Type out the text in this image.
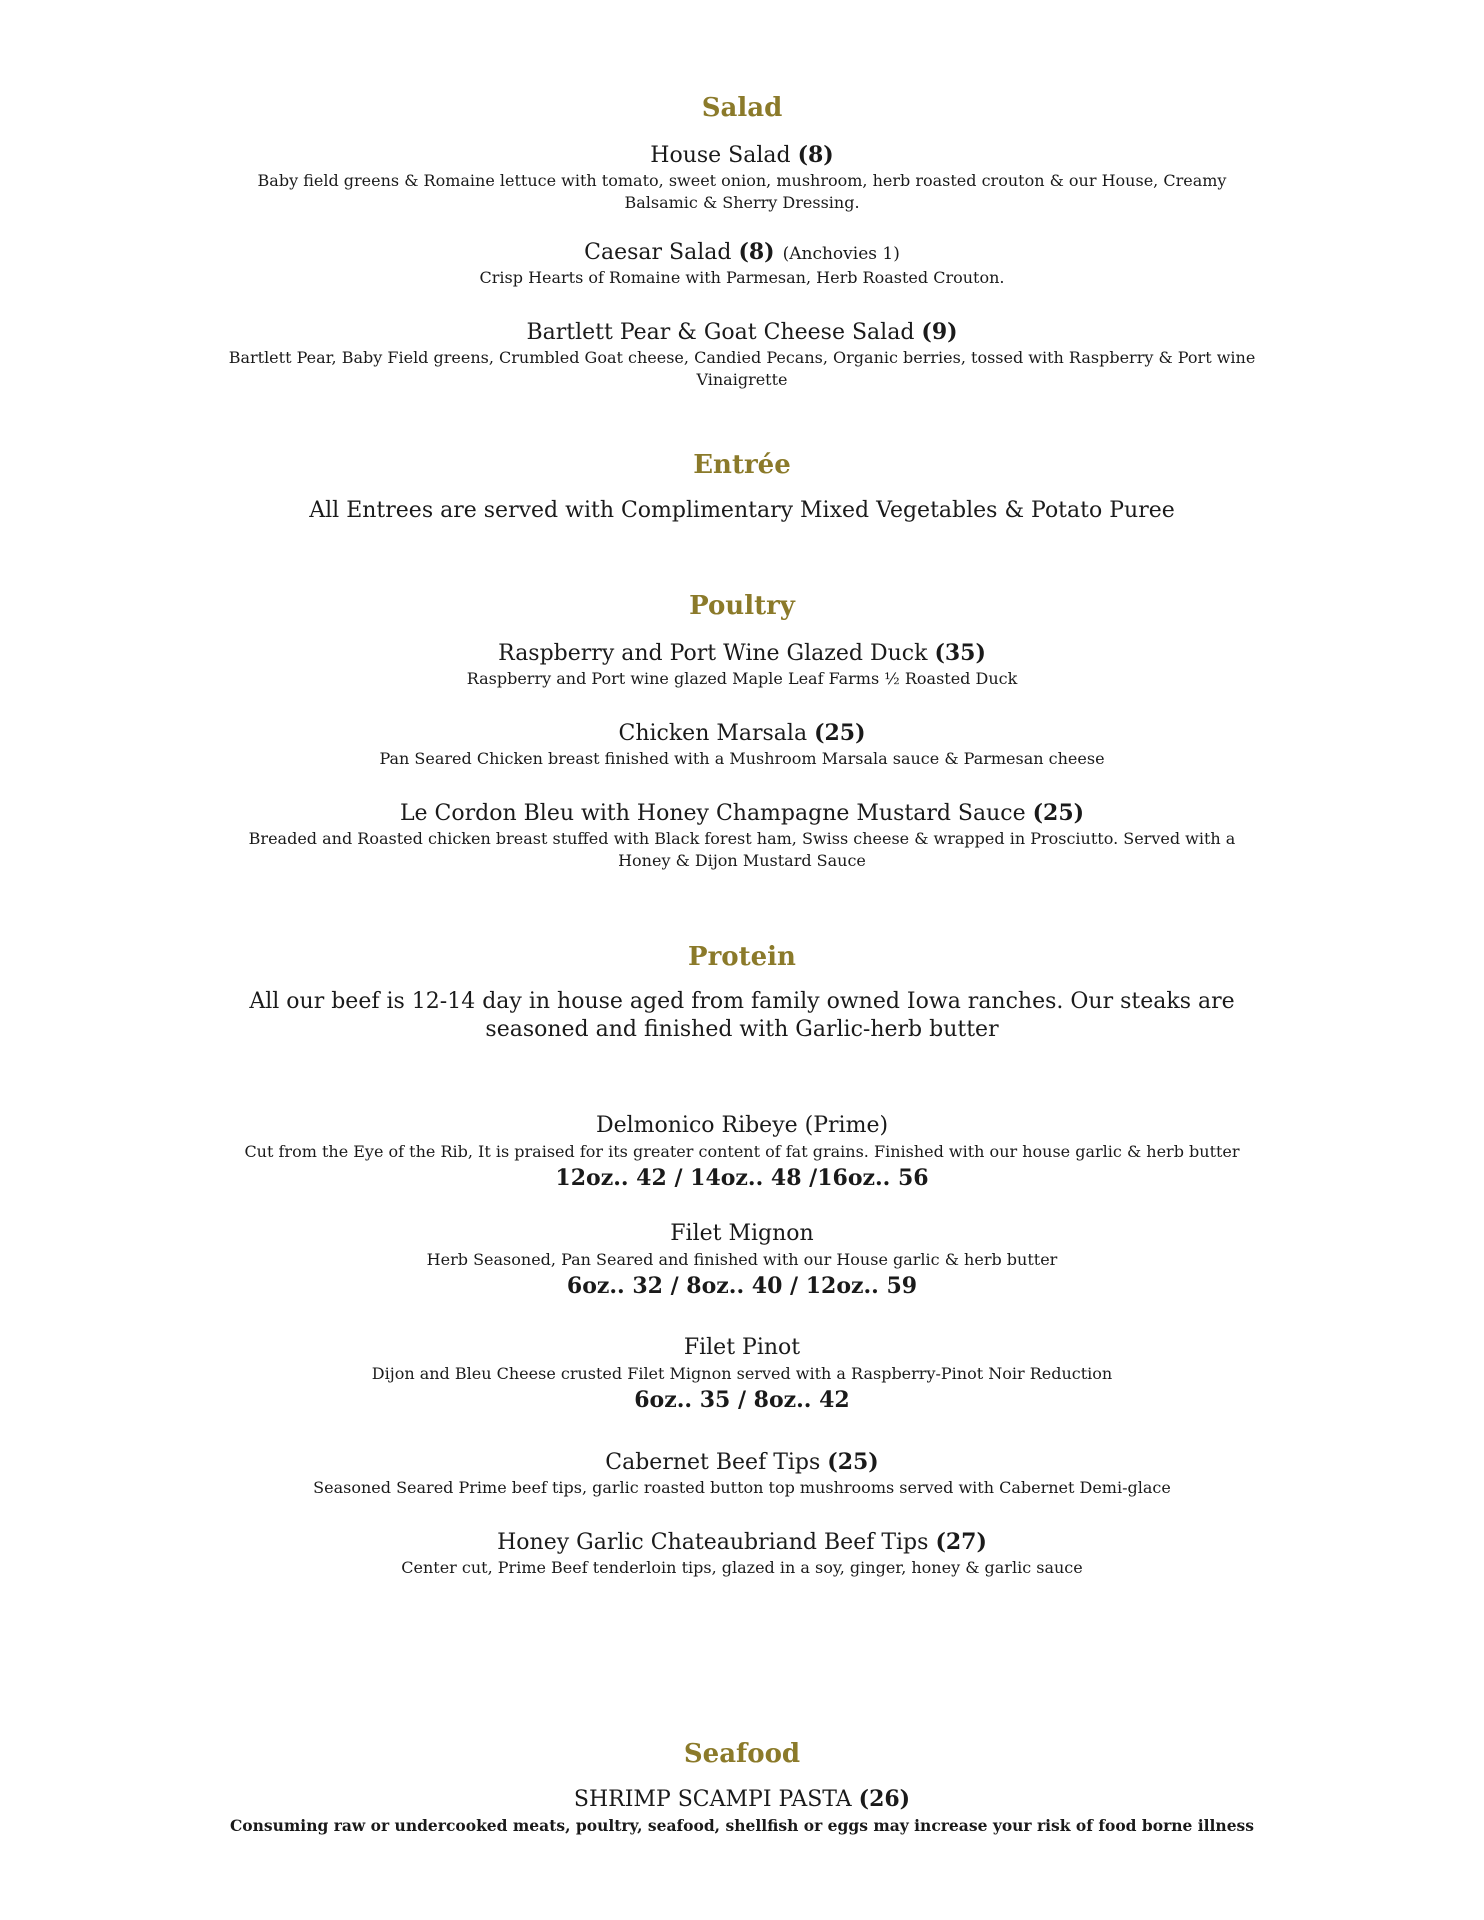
Salad
House Salad (8)
Baby field greens & Romaine lettuce with tomato, sweet onion, mushroom, herb roasted crouton & our House, Creamy Balsamic & Sherry Dressing.
Caesar Salad (8) (Anchovies 1)
Crisp Hearts of Romaine with Parmesan, Herb Roasted Crouton.
Bartlett Pear & Goat Cheese Salad (9)
Bartlett Pear, Baby Field greens, Crumbled Goat cheese, Candied Pecans, Organic berries, tossed with Raspberry & Port wine Vinaigrette
Entrée
All Entrees are served with Complimentary Mixed Vegetables & Potato Puree
Poultry
Raspberry and Port Wine Glazed Duck (35)
Raspberry and Port wine glazed Maple Leaf Farms ½ Roasted Duck
Chicken Marsala (25)
Pan Seared Chicken breast finished with a Mushroom Marsala sauce & Parmesan cheese
Le Cordon Bleu with Honey Champagne Mustard Sauce (25)
Breaded and Roasted chicken breast stuffed with Black forest ham, Swiss cheese & wrapped in Prosciutto. Served with a Honey & Dijon Mustard Sauce
Protein
All our beef is 12-14 day in house aged from family owned Iowa ranches. Our steaks are seasoned and finished with Garlic-herb butter
Delmonico Ribeye (Prime)
Cut from the Eye of the Rib, It is praised for its greater content of fat grains. Finished with our house garlic & herb butter
12oz.. 42 / 14oz.. 48 /16oz.. 56
Filet Mignon
Herb Seasoned, Pan Seared and finished with our House garlic & herb butter
6oz.. 32 / 8oz.. 40 / 12oz.. 59
Filet Pinot
Dijon and Bleu Cheese crusted Filet Mignon served with a Raspberry-Pinot Noir Reduction
6oz.. 35 / 8oz.. 42
Cabernet Beef Tips (25)
Seasoned Seared Prime beef tips, garlic roasted button top mushrooms served with Cabernet Demi-glace
Honey Garlic Chateaubriand Beef Tips (27)
Center cut, Prime Beef tenderloin tips, glazed in a soy, ginger, honey & garlic sauce
Seafood
SHRIMP SCAMPI PASTA (26)
Consuming raw or undercooked meats, poultry, seafood, shellfish or eggs may increase your risk of food borne illness
